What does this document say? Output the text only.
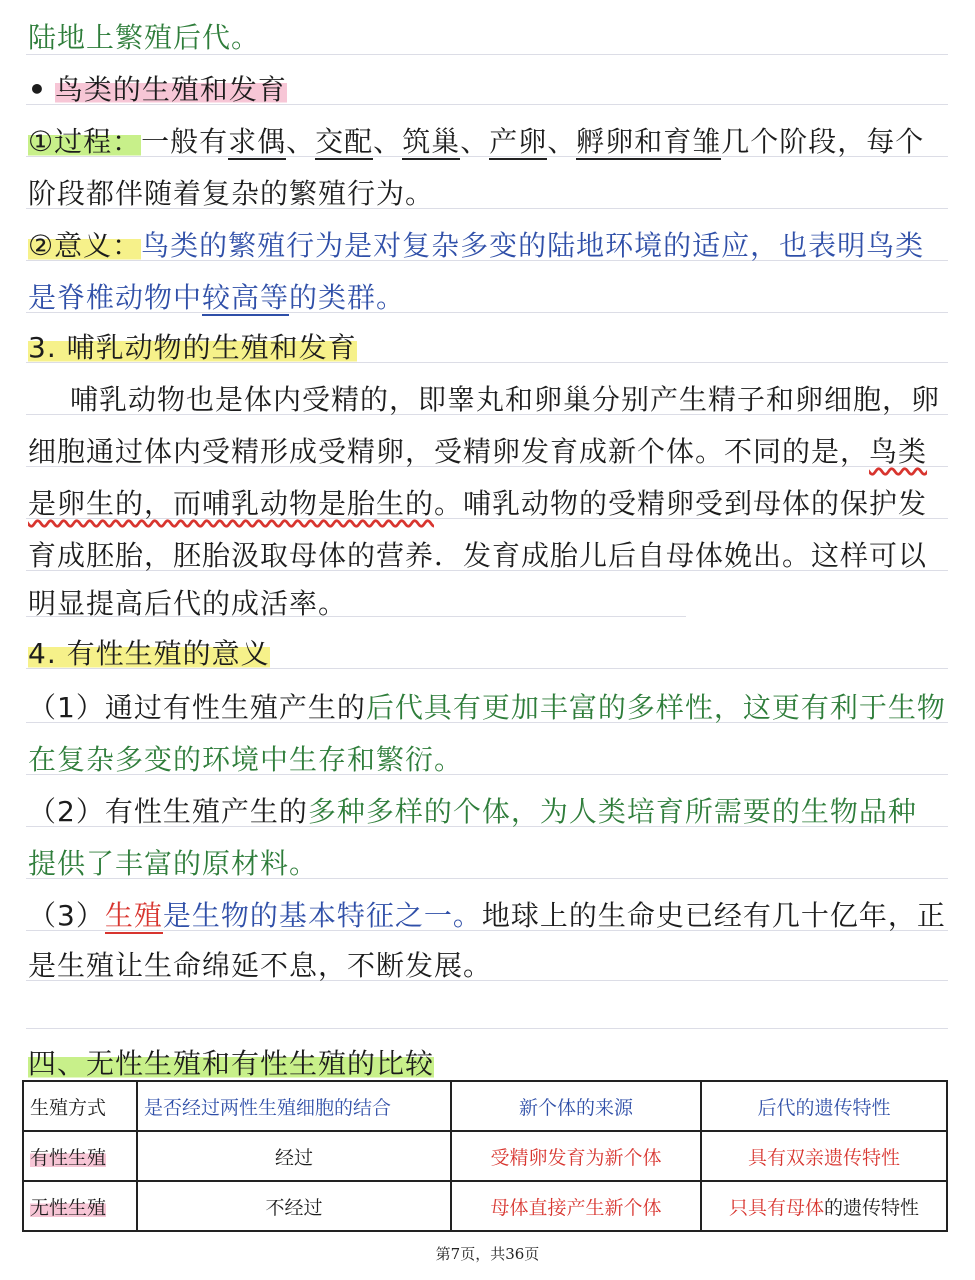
陆地上繁殖后代。
• 鸟类的生殖和发育
①过程：一般有求偶、交配、筑巢、产卵、孵卵和育雏几个阶段，每个
阶段都伴随着复杂的繁殖行为。
②意义：鸟类的繁殖行为是对复杂多变的陆地环境的适应，也表明鸟类
是脊椎动物中较高等的类群。
3. 哺乳动物的生殖和发育
哺乳动物也是体内受精的，即睾丸和卵巢分别产生精子和卵细胞，卵
细胞通过体内受精形成受精卵，受精卵发育成新个体。不同的是，鸟类
是卵生的，而哺乳动物是胎生的。哺乳动物的受精卵受到母体的保护发
育成胚胎，胚胎汲取母体的营养．发育成胎儿后自母体娩出。这样可以
明显提高后代的成活率。
4. 有性生殖的意义
（1）通过有性生殖产生的后代具有更加丰富的多样性，这更有利于生物
在复杂多变的环境中生存和繁衍。
（2）有性生殖产生的多种多样的个体，为人类培育所需要的生物品种
提供了丰富的原材料。
（3）生殖是生物的基本特征之一。地球上的生命史已经有几十亿年，正
是生殖让生命绵延不息，不断发展。
四、无性生殖和有性生殖的比较
生殖方式	是否经过两性生殖细胞的结合	新个体的来源	后代的遗传特性
有性生殖	经过	受精卵发育为新个体	具有双亲遗传特性
无性生殖	不经过	母体直接产生新个体	只具有母体的遗传特性
第7页，共36页
